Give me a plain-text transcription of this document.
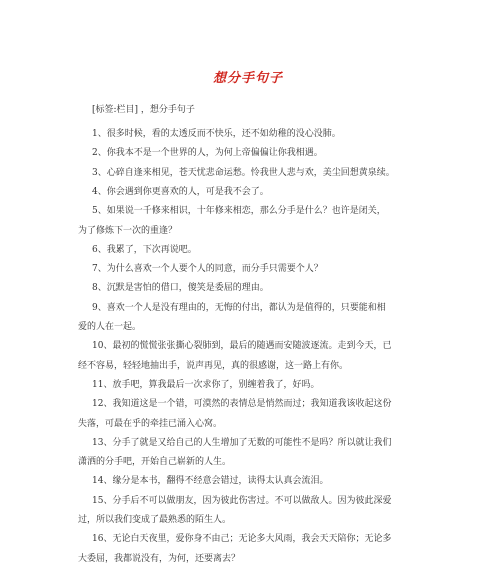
想分手句子
[标签:栏目] ，想分手句子
1、很多时候，看的太透反而不快乐，还不如幼稚的没心没肺。
2、你我本不是一个世界的人，为何上帝偏偏让你我相遇。
3、心碎自逢来相见，苍天忧悲命运愁。怜我世人悲与欢，美尘回想黄泉续。
4、你会遇到你更喜欢的人，可是我不会了。
5、如果说一千修来相识，十年修来相恋，那么分手是什么？也许是闭关，
为了修炼下一次的重逢？
6、我累了，下次再说吧。
7、为什么喜欢一个人要个人的同意，而分手只需要个人？
8、沉默是害怕的借口，傻笑是委屈的理由。
9、喜欢一个人是没有理由的，无悔的付出，都认为是值得的，只要能和相
爱的人在一起。
10、最初的慌慌张张撕心裂肺到，最后的随遇而安随波逐流。走到今天，已
经不容易，轻轻地抽出手，说声再见，真的很感谢，这一路上有你。
11、放手吧，算我最后一次求你了，别缠着我了，好吗。
12、我知道这是一个错，可漠然的表情总是悄然而过；我知道我该收起这份
失落，可最在乎的牵挂已涌入心窝。
13、分手了就是又给自己的人生增加了无数的可能性不是吗？所以就让我们
潇洒的分手吧，开始自己崭新的人生。
14、缘分是本书，翻得不经意会错过，读得太认真会流泪。
15、分手后不可以做朋友，因为彼此伤害过。不可以做敌人。因为彼此深爱
过，所以我们变成了最熟悉的陌生人。
16、无论白天夜里，爱你身不由己；无论多大风雨，我会天天陪你；无论多
大委屈，我都说没有，为何，还要离去？
